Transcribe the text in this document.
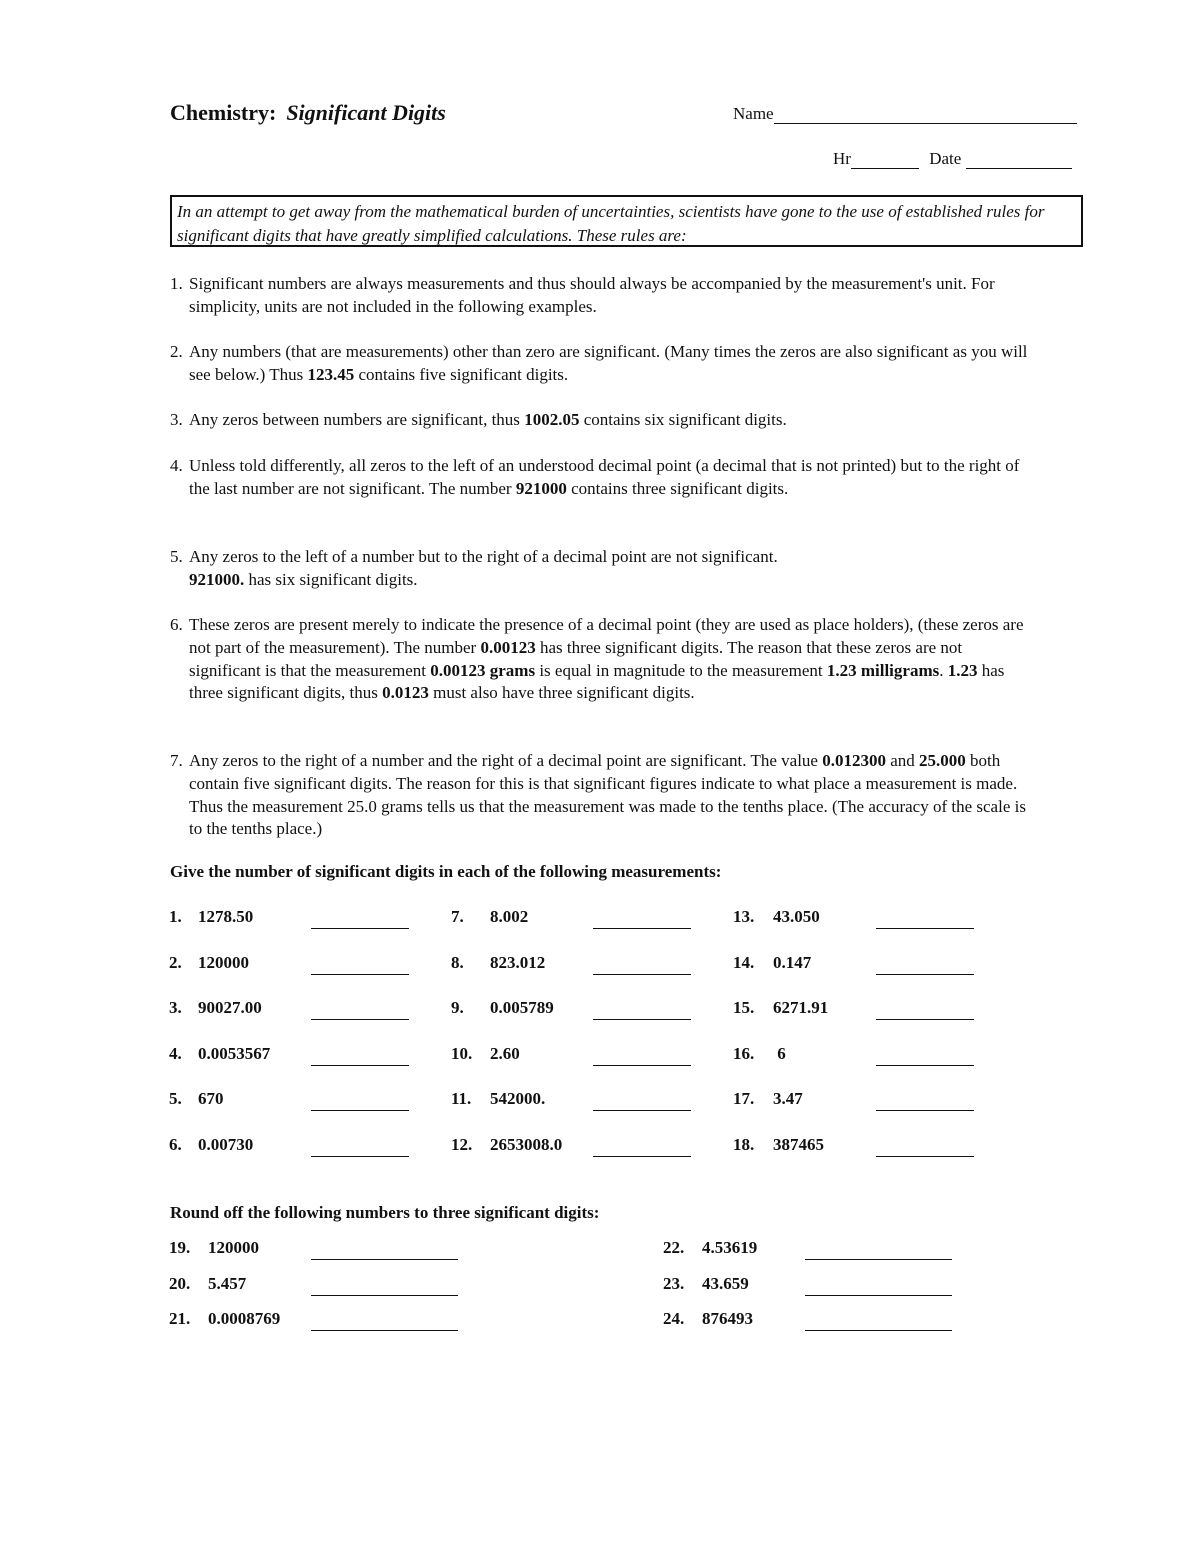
Chemistry: Significant Digits	Name
Hr	Date
In an attempt to get away from the mathematical burden of uncertainties, scientists have gone to the use of established rules for significant digits that have greatly simplified calculations. These rules are:
1. Significant numbers are always measurements and thus should always be accompanied by the measurement's unit. For simplicity, units are not included in the following examples.
2. Any numbers (that are measurements) other than zero are significant. (Many times the zeros are also significant as you will see below.) Thus 123.45 contains five significant digits.
3. Any zeros between numbers are significant, thus 1002.05 contains six significant digits.
4. Unless told differently, all zeros to the left of an understood decimal point (a decimal that is not printed) but to the right of the last number are not significant. The number 921000 contains three significant digits.
5. Any zeros to the left of a number but to the right of a decimal point are not significant.
921000. has six significant digits.
6. These zeros are present merely to indicate the presence of a decimal point (they are used as place holders), (these zeros are not part of the measurement). The number 0.00123 has three significant digits. The reason that these zeros are not significant is that the measurement 0.00123 grams is equal in magnitude to the measurement 1.23 milligrams. 1.23 has three significant digits, thus 0.0123 must also have three significant digits.
7. Any zeros to the right of a number and the right of a decimal point are significant. The value 0.012300 and 25.000 both contain five significant digits. The reason for this is that significant figures indicate to what place a measurement is made. Thus the measurement 25.0 grams tells us that the measurement was made to the tenths place. (The accuracy of the scale is to the tenths place.)
Give the number of significant digits in each of the following measurements:
1. 1278.50
2. 120000
3. 90027.00
4. 0.0053567
5. 670
6. 0.00730
7. 8.002
8. 823.012
9. 0.005789
10. 2.60
11. 542000.
12. 2653008.0
13. 43.050
14. 0.147
15. 6271.91
16. 6
17. 3.47
18. 387465
Round off the following numbers to three significant digits:
19. 120000
20. 5.457
21. 0.0008769
22. 4.53619
23. 43.659
24. 876493
